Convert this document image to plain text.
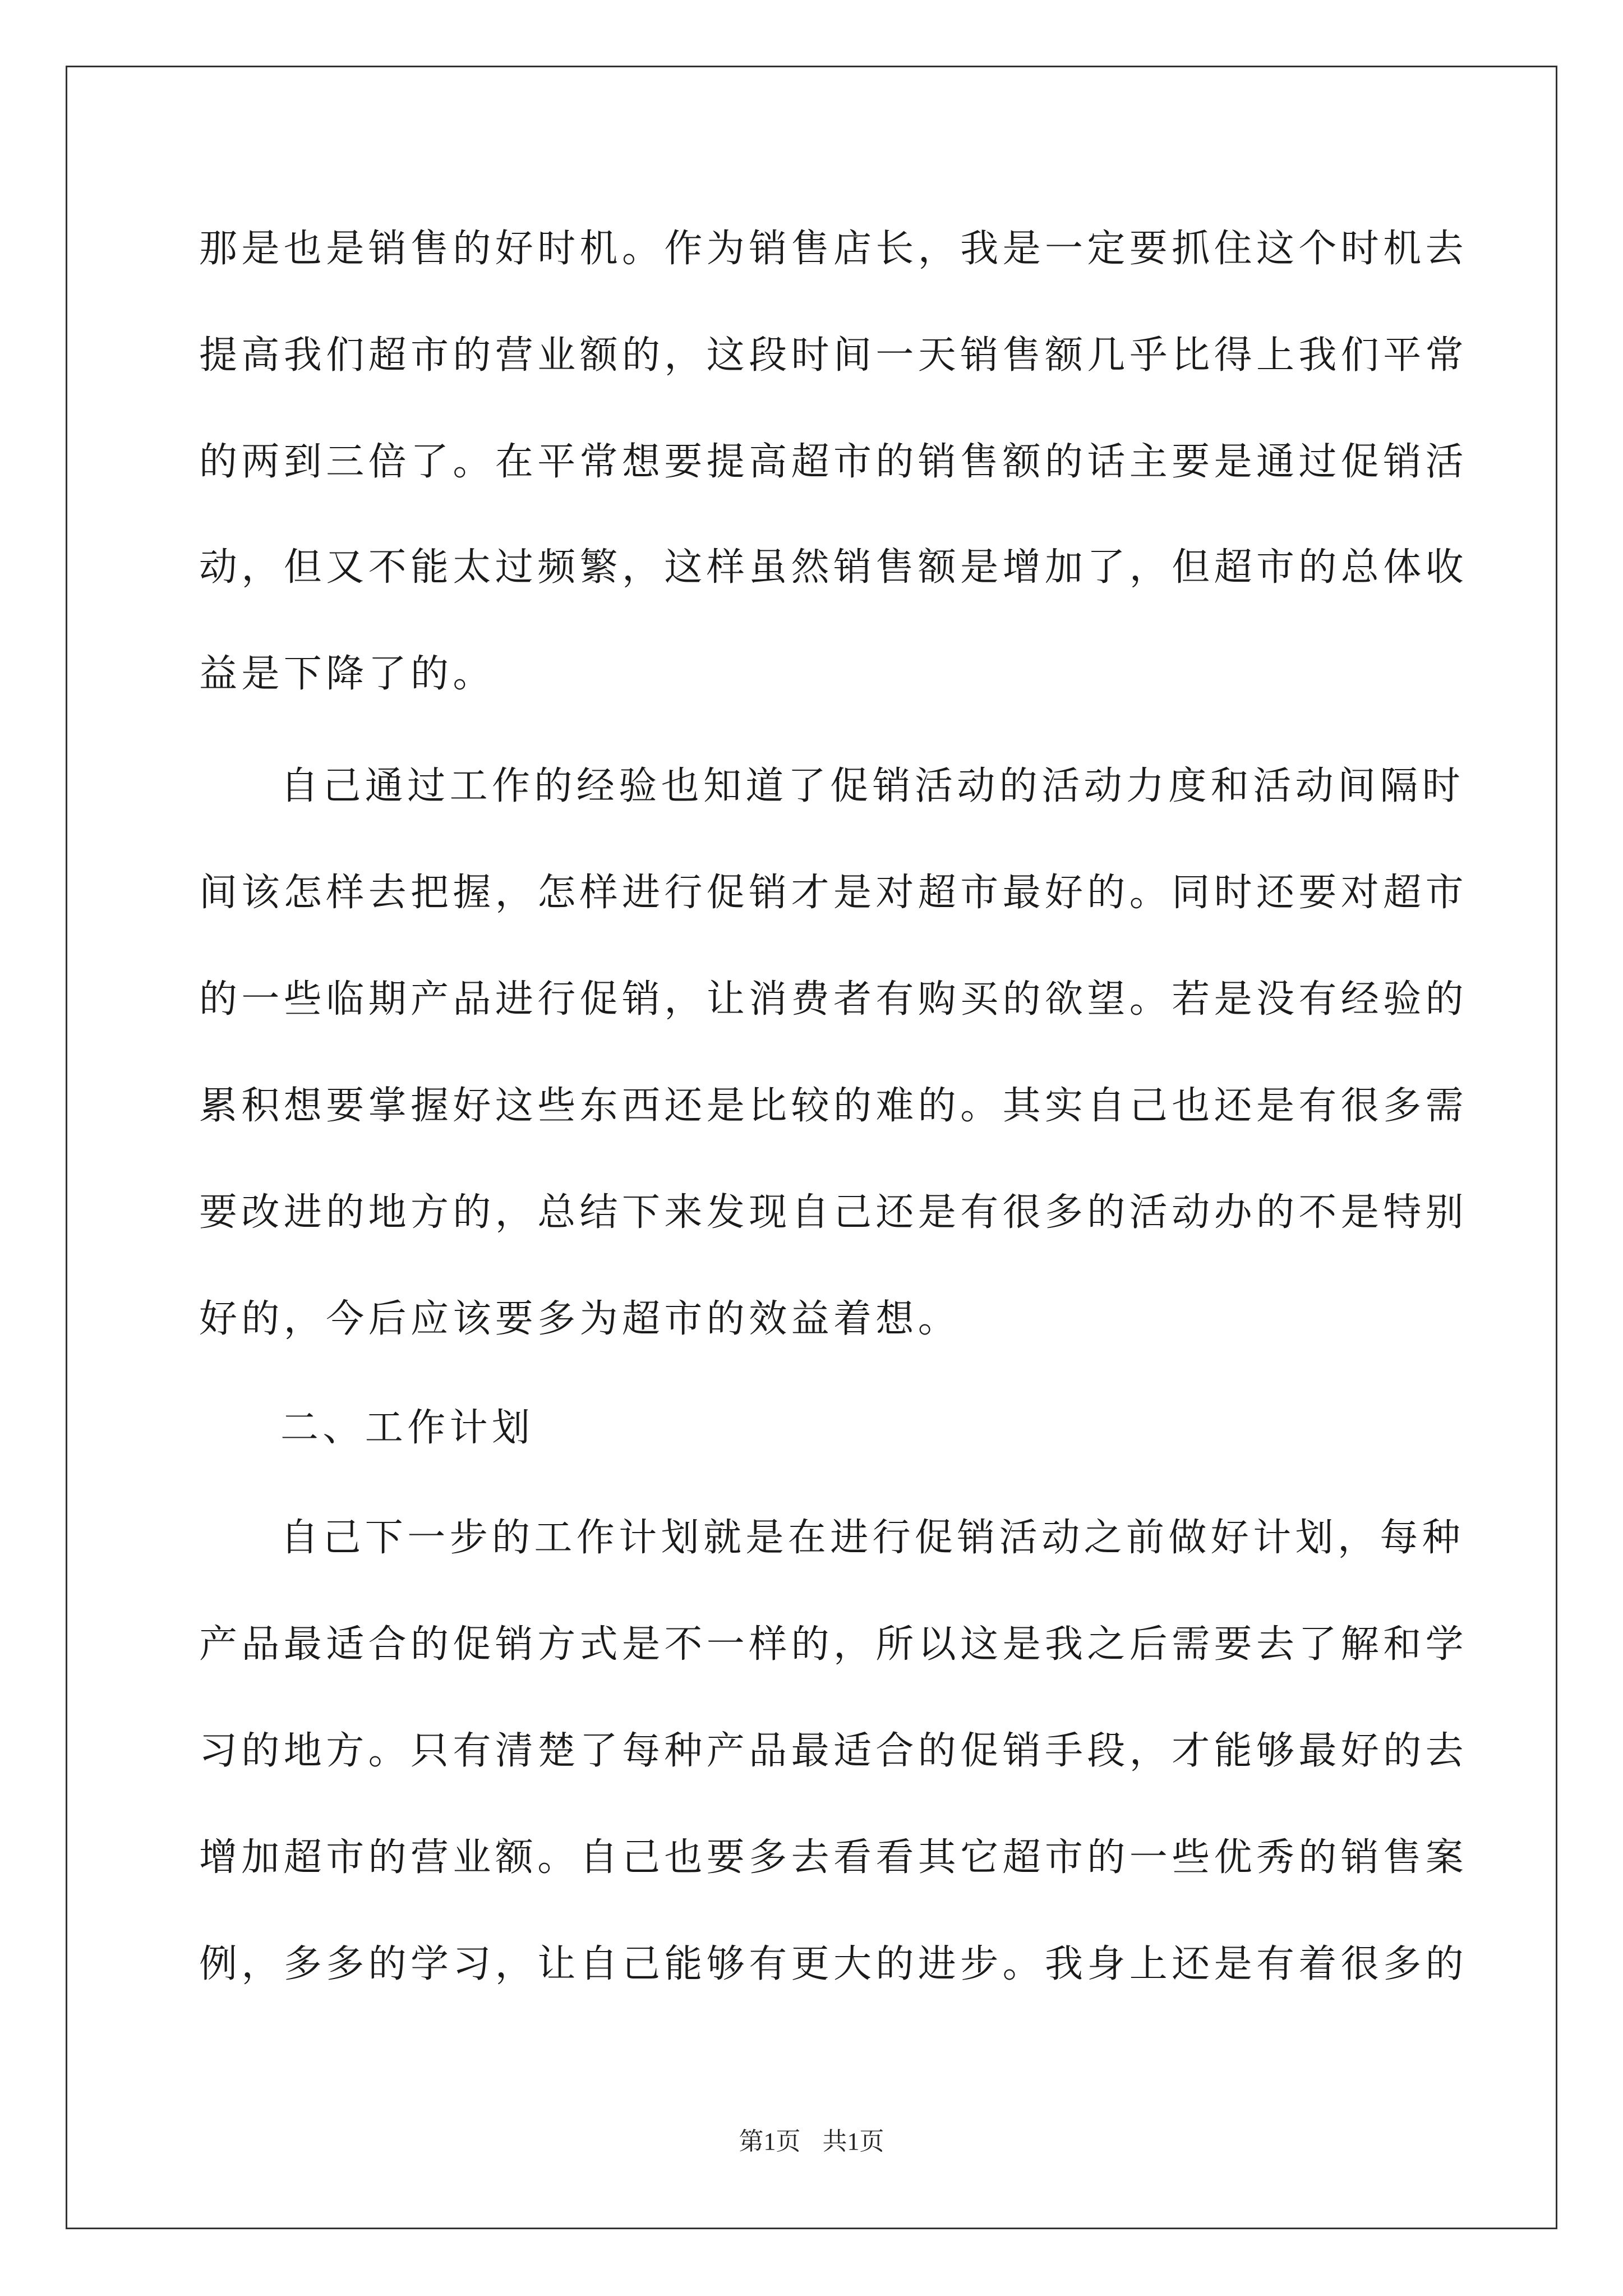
那是也是销售的好时机。作为销售店长，我是一定要抓住这个时机去
提高我们超市的营业额的，这段时间一天销售额几乎比得上我们平常
的两到三倍了。在平常想要提高超市的销售额的话主要是通过促销活
动，但又不能太过频繁，这样虽然销售额是增加了，但超市的总体收
益是下降了的。
自己通过工作的经验也知道了促销活动的活动力度和活动间隔时
间该怎样去把握，怎样进行促销才是对超市最好的。同时还要对超市
的一些临期产品进行促销，让消费者有购买的欲望。若是没有经验的
累积想要掌握好这些东西还是比较的难的。其实自己也还是有很多需
要改进的地方的，总结下来发现自己还是有很多的活动办的不是特别
好的，今后应该要多为超市的效益着想。
二、工作计划
自己下一步的工作计划就是在进行促销活动之前做好计划，每种
产品最适合的促销方式是不一样的，所以这是我之后需要去了解和学
习的地方。只有清楚了每种产品最适合的促销手段，才能够最好的去
增加超市的营业额。自己也要多去看看其它超市的一些优秀的销售案
例，多多的学习，让自己能够有更大的进步。我身上还是有着很多的
第1页 共1页
